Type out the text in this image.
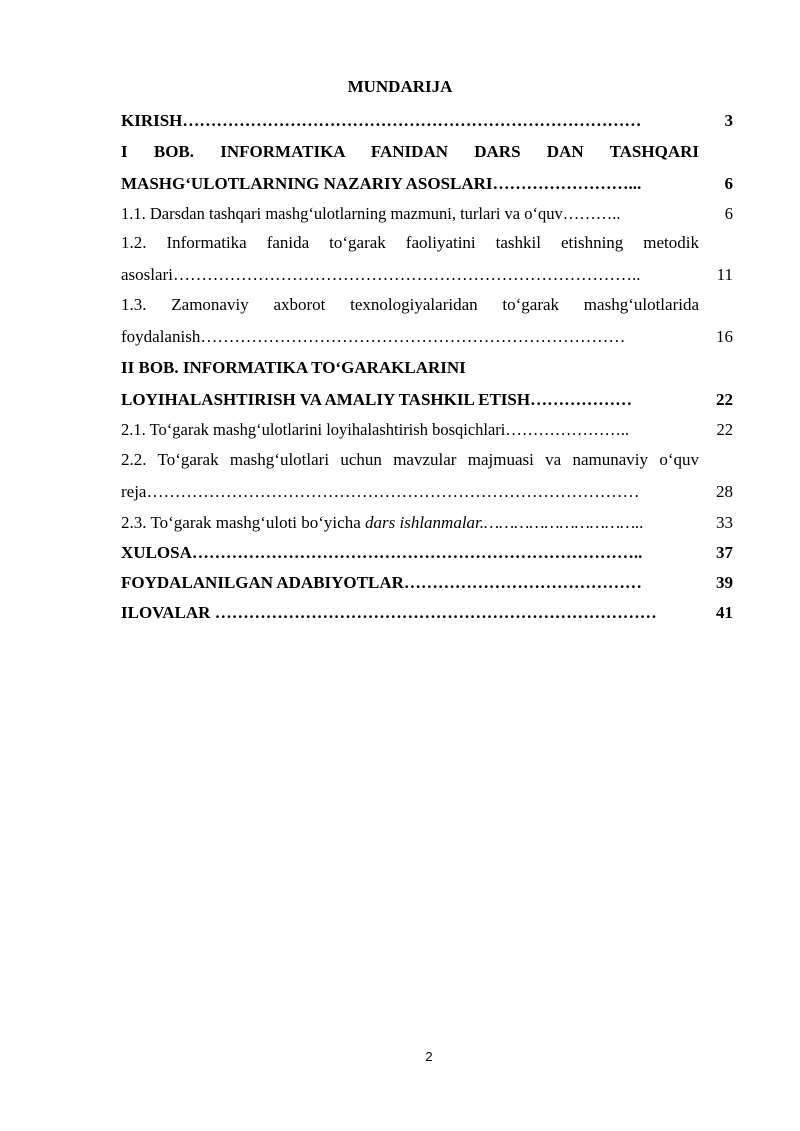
MUNDARIJA
KIRISH ………………………………………………………………………	3
I BOB. INFORMATIKA FANIDAN DARS DAN TASHQARI
MASHG‘ULOTLARNING NAZARIY ASOSLARI ……………………...	6
1.1. Darsdan tashqari mashg‘ulotlarning mazmuni, turlari va o‘quv ………..	6
1.2. Informatika fanida to‘garak faoliyatini tashkil etishning metodik
asoslari ………………………………………………………………………..	11
1.3. Zamonaviy axborot texnologiyalaridan to‘garak mashg‘ulotlarida
foydalanish …………………………………………………………………	16
II BOB. INFORMATIKA TO‘GARAKLARINI
LOYIHALASHTIRISH VA AMALIY TASHKIL ETISH ………………	22
2.1. To‘garak mashg‘ulotlarini loyihalashtirish bosqichlari …………………..	22
2.2. To‘garak mashg‘ulotlari uchun mavzular majmuasi va namunaviy o‘quv
reja ……………………………………………………………………………	28
2.3. To‘garak mashg‘uloti bo‘yicha dars ishlanmalar. …………………………..	33
XULOSA ……………………………………………………………………..	37
FOYDALANILGAN ADABIYOTLAR ……………………………………	39
ILOVALAR ……………………………………………………………………	41
2
